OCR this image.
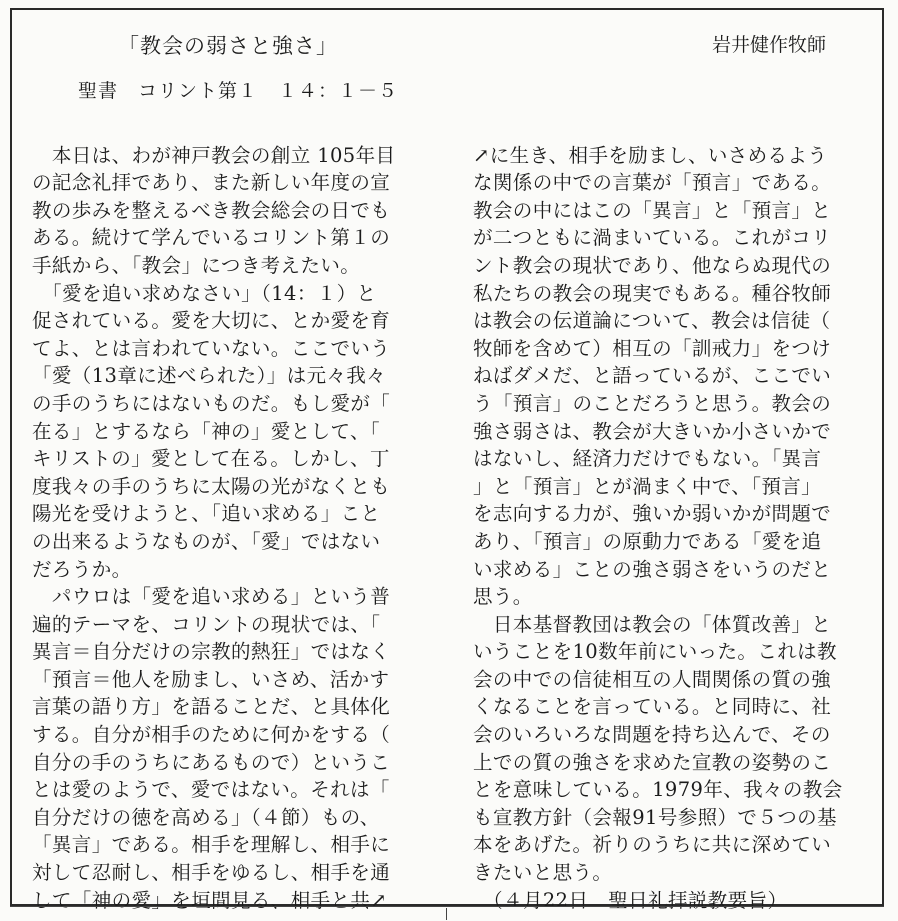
「教会の弱さと強さ」	岩井健作牧師
聖書　コリント第１　１４：１－５
　本日は、わが神戸教会の創立 105年目
の記念礼拝であり、また新しい年度の宣
教の歩みを整えるべき教会総会の日でも
ある。続けて学んでいるコリント第１の
手紙から、「教会」につき考えたい。
　「愛を追い求めなさい」（14：１）と
促されている。愛を大切に、とか愛を育
てよ、とは言われていない。ここでいう
「愛（13章に述べられた）」は元々我々
の手のうちにはないものだ。もし愛が「
在る」とするなら「神の」愛として、「
キリストの」愛として在る。しかし、丁
度我々の手のうちに太陽の光がなくとも
陽光を受けようと、「追い求める」こと
の出来るようなものが、「愛」ではない
だろうか。
　パウロは「愛を追い求める」という普
遍的テーマを、コリントの現状では、「
異言＝自分だけの宗教的熱狂」ではなく
「預言＝他人を励まし、いさめ、活かす
言葉の語り方」を語ることだ、と具体化
する。自分が相手のために何かをする（
自分の手のうちにあるもので）というこ
とは愛のようで、愛ではない。それは「
自分だけの徳を高める」（４節）もの、
「異言」である。相手を理解し、相手に
対して忍耐し、相手をゆるし、相手を通
して「神の愛」を垣間見る、相手と共↗
↗に生き、相手を励まし、いさめるよう
な関係の中での言葉が「預言」である。
教会の中にはこの「異言」と「預言」と
が二つともに渦まいている。これがコリ
ント教会の現状であり、他ならぬ現代の
私たちの教会の現実でもある。種谷牧師
は教会の伝道論について、教会は信徒（
牧師を含めて）相互の「訓戒力」をつけ
ねばダメだ、と語っているが、ここでい
う「預言」のことだろうと思う。教会の
強さ弱さは、教会が大きいか小さいかで
はないし、経済力だけでもない。「異言
」と「預言」とが渦まく中で、「預言」
を志向する力が、強いか弱いかが問題で
あり、「預言」の原動力である「愛を追
い求める」ことの強さ弱さをいうのだと
思う。
　日本基督教団は教会の「体質改善」と
いうことを10数年前にいった。これは教
会の中での信徒相互の人間関係の質の強
くなることを言っている。と同時に、社
会のいろいろな問題を持ち込んで、その
上での質の強さを求めた宣教の姿勢のこ
とを意味している。1979年、我々の教会
も宣教方針（会報91号参照）で５つの基
本をあげた。祈りのうちに共に深めてい
きたいと思う。
　（４月22日　聖日礼拝説教要旨）
